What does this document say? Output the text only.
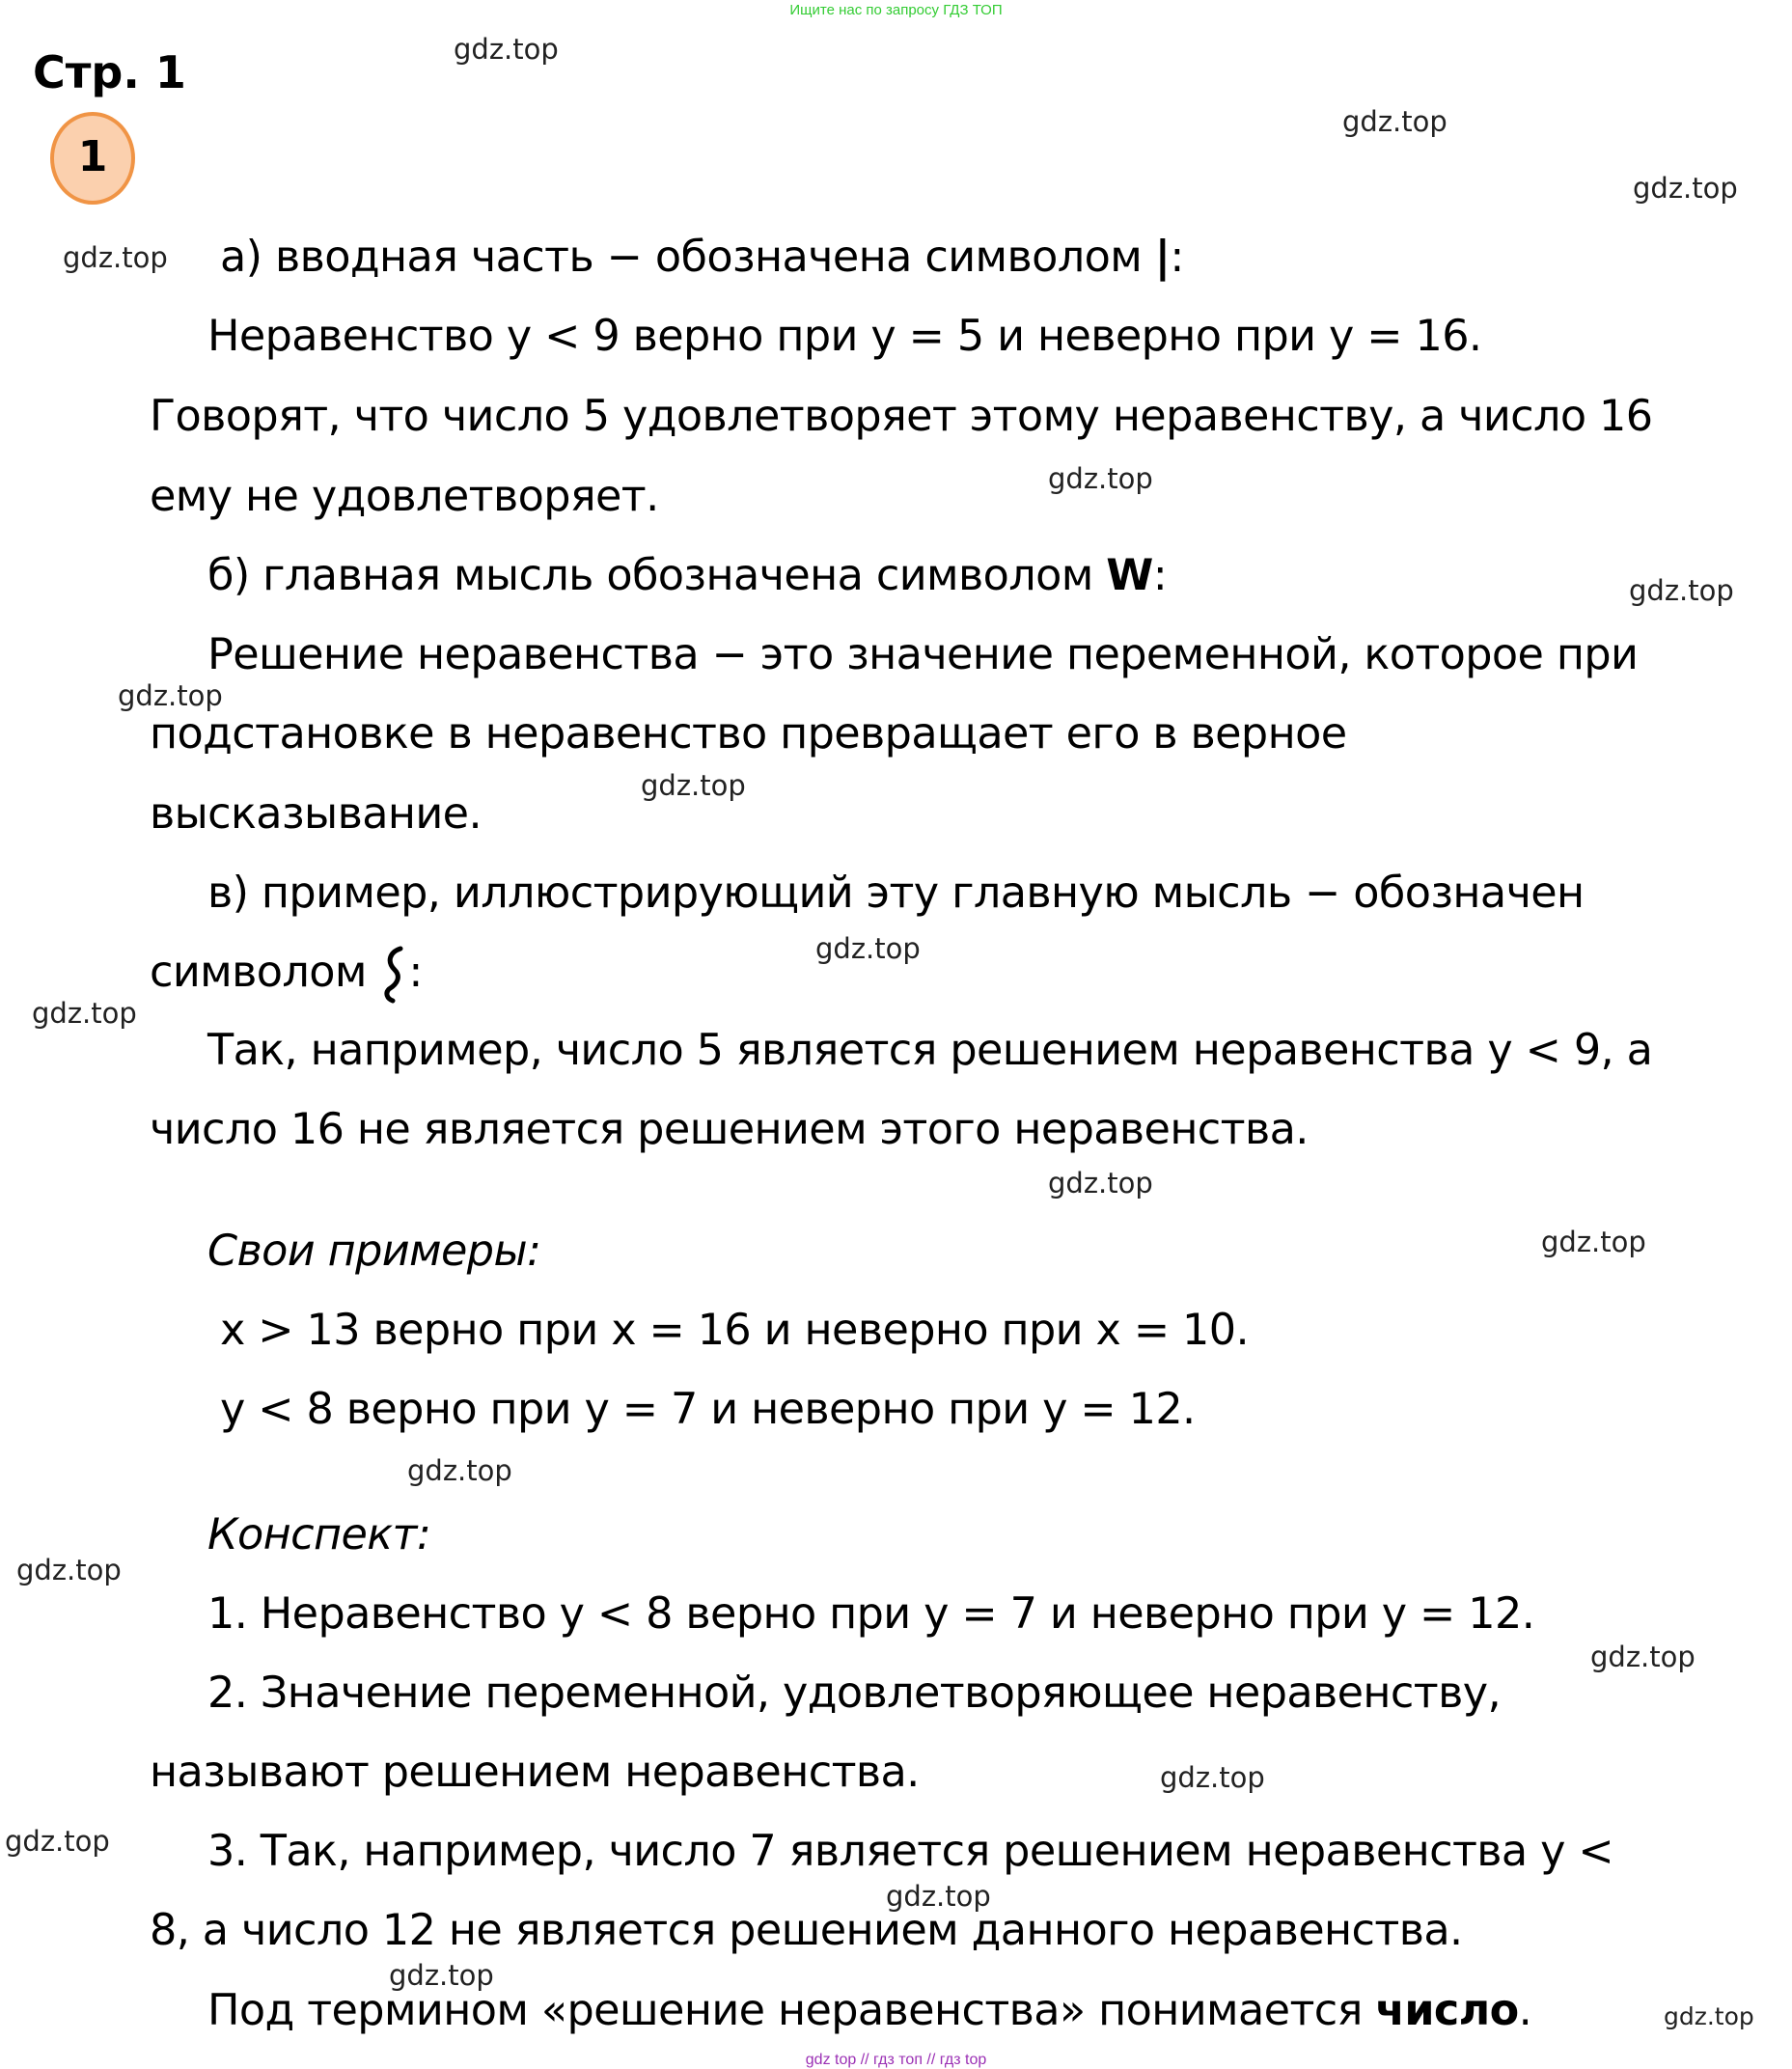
Ищите нас по запросу ГДЗ ТОП
Стр. 1
1
а) вводная часть − обозначена символом |:
Неравенство y < 9 верно при y = 5 и неверно при y = 16.
Говорят, что число 5 удовлетворяет этому неравенству, а число 16
ему не удовлетворяет.
б) главная мысль обозначена символом W:
Решение неравенства − это значение переменной, которое при
подстановке в неравенство превращает его в верное
высказывание.
в) пример, иллюстрирующий эту главную мысль − обозначен
символом :
Так, например, число 5 является решением неравенства y < 9, а
число 16 не является решением этого неравенства.
Свои примеры:
x > 13 верно при x = 16 и неверно при x = 10.
y < 8 верно при y = 7 и неверно при y = 12.
Конспект:
1. Неравенство y < 8 верно при y = 7 и неверно при y = 12.
2. Значение переменной, удовлетворяющее неравенству,
называют решением неравенства.
3. Так, например, число 7 является решением неравенства y <
8, а число 12 не является решением данного неравенства.
Под термином «решение неравенства» понимается число.
gdz.top
gdz.top
gdz.top
gdz.top
gdz.top
gdz.top
gdz.top
gdz.top
gdz.top
gdz.top
gdz.top
gdz.top
gdz.top
gdz.top
gdz.top
gdz.top
gdz.top
gdz.top
gdz.top
gdz.top
gdz top // гдз топ // гдз top
